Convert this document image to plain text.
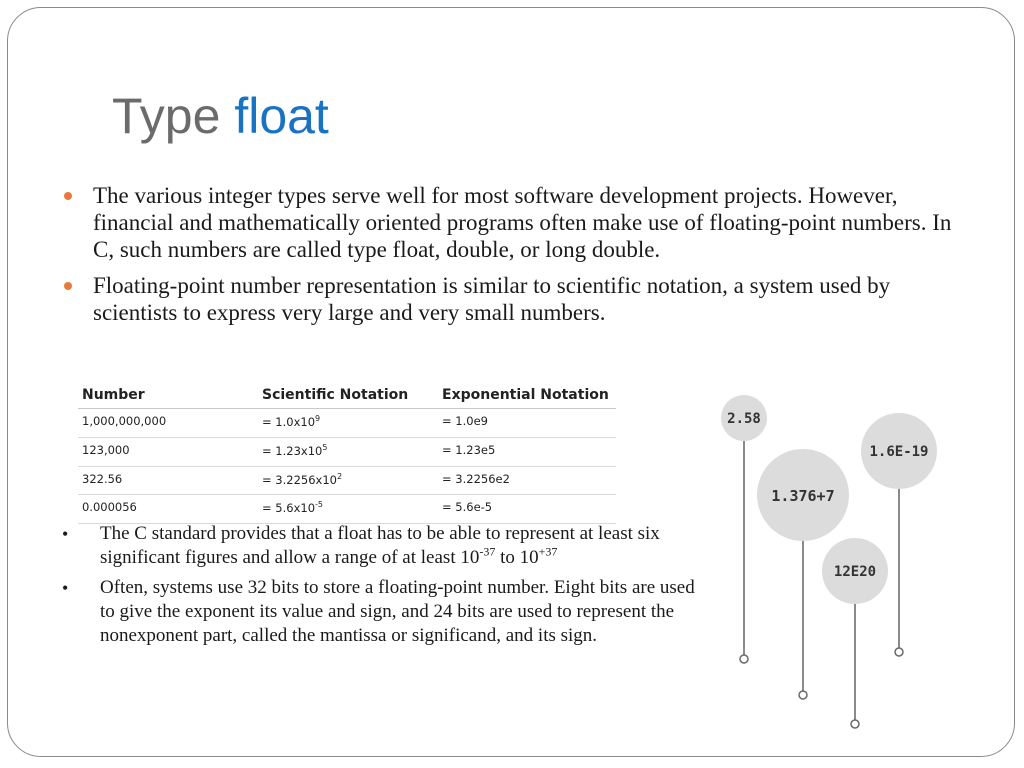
Type float
The various integer types serve well for most software development projects. However, financial and mathematically oriented programs often make use of floating-point numbers. In C, such numbers are called type float, double, or long double.
Floating-point number representation is similar to scientific notation, a system used by scientists to express very large and very small numbers.
Number	Scientific Notation	Exponential Notation
1,000,000,000	= $1.0x10^9$	= 1.0e9
123,000	= $1.23x10^5$	= 1.23e5
322.56	= $3.2256x10^2$	= 3.2256e2
0.000056	= $5.6x10^{-5}$	= 5.6e-5
• The C standard provides that a float has to be able to represent at least six significant figures and allow a range of at least $10^{-37}$ to $10^{+37}$
• Often, systems use 32 bits to store a floating-point number. Eight bits are used to give the exponent its value and sign, and 24 bits are used to represent the nonexponent part, called the mantissa or significand, and its sign.
2.58
1.376+7
1.6E-19
12E20
